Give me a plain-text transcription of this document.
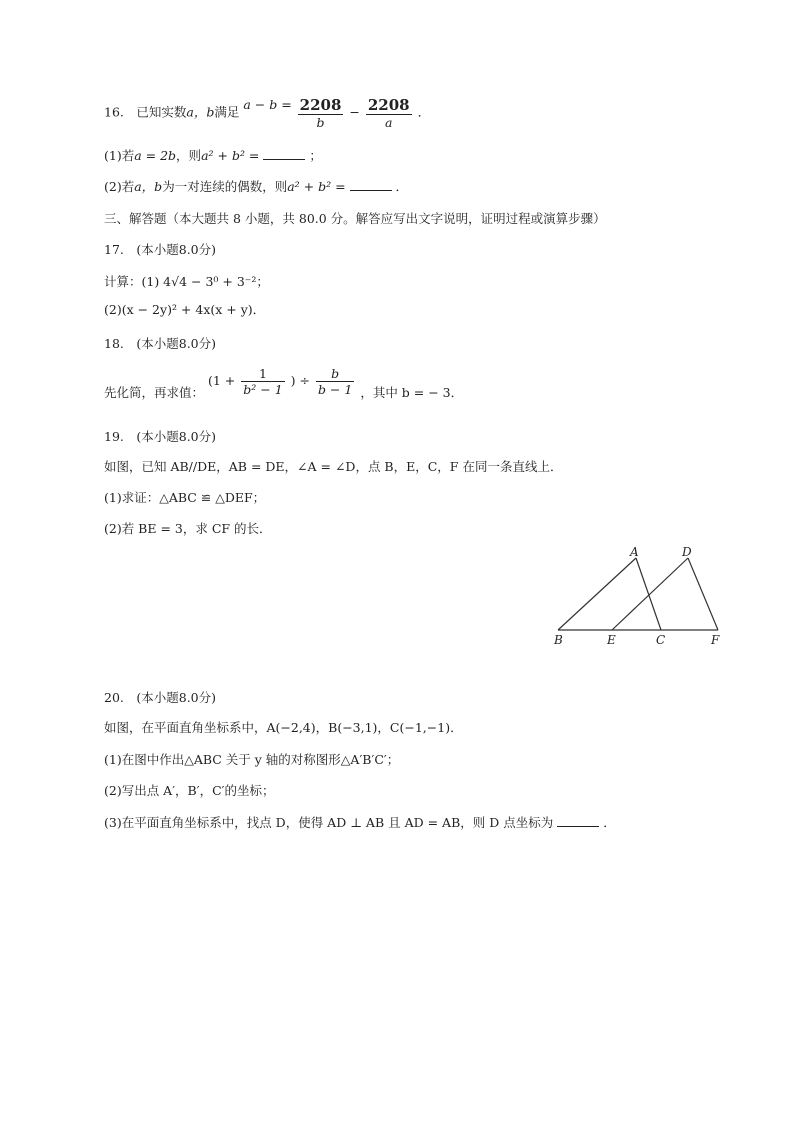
16.　已知实数a，b满足 $a - b = \frac{2208}{b} - \frac{2208}{a}$ ．
(1)若a = 2b，则a² + b² =	；
(2)若a，b为一对连续的偶数，则a² + b² =	．
三、解答题（本大题共 8 小题，共 80.0 分。解答应写出文字说明，证明过程或演算步骤）
17.　(本小题8.0分)
计算：(1) 4√4 − 3⁰ + 3⁻²；
(2)(x − 2y)² + 4x(x + y)．
18.　(本小题8.0分)
先化简，再求值： ($1 + \frac{1}{\text{b² − 1}}$ ) ÷ $\frac{b}{b - 1}$ ，其中 b = − 3．
19.　(本小题8.0分)
如图，已知 AB//DE，AB = DE，∠A = ∠D，点 B，E，C，F 在同一条直线上．
(1)求证：△ABC ≌ △DEF；
(2)若 BE = 3，求 CF 的长．
A	D
B	E	C	F
20.　(本小题8.0分)
如图，在平面直角坐标系中，A(−2,4)，B(−3,1)，C(−1,−1)．
(1)在图中作出△ABC 关于 y 轴的对称图形△A′B′C′；
(2)写出点 A′，B′，C′的坐标；
(3)在平面直角坐标系中，找点 D，使得 AD ⊥ AB 且 AD = AB，则 D 点坐标为	．
